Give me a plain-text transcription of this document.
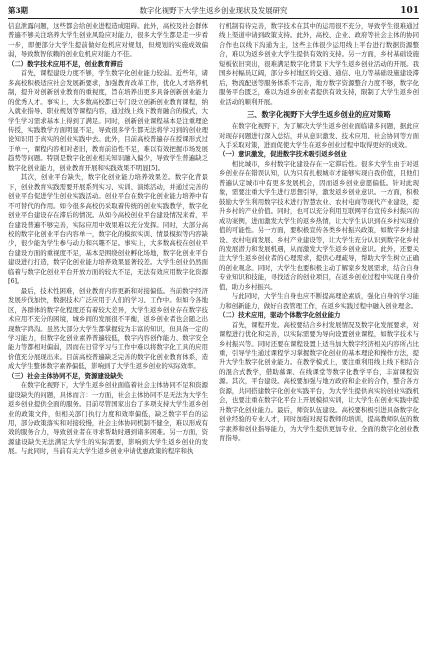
第3期	数字化视野下大学生返乡创业现状及发展研究	101

信息泄露问题，这些都会给创业进程造成阻碍。此外，高校及社会群体普遍不够关注培养大学生创业风险应对能力，很多大学生都是走一步看一步，即便部分大学生提前做好危机应对规划，但规划的实施成效偏弱，导致数智依赖的创业危机应对能力不佳。

（二）数字技术应用不足，创业教育滞后

首先，课程建设力度不够，学生数字化创业能力较弱。近些年，诸多高校积极适应社会发展新要求，加强教育改革工作，优化人才培养机制，提升对创新创业教育的重视度，旨在培养出更多具备创新创业能力的优秀人才。事实上，大多数高校都已专门设立创新创业教育课程，纳入就业指导、职业规划等课程内容，通过线上线下教育融合的模式，大学生学习需求基本上得到了满足。同时，创新创业课程基本是注重理论传授，实践教学方面明显不足，导致很多学生都无法将学习到的创业理论知识用于真实的创业实践中去。此外，目前高校普遍存在授课形式过于单一，课程内容相对老旧，教育前沿性不足，难以有效把握市场发展趋势等问题。特别是数字化创业相关知识融入偏少，导致学生普遍缺乏数字化创业能力，创业教育开展和实践效果不明显[5]。

其次，创业平台缺失，数字化创业能力培养效果差。数字化背景下，创业教育实践需要开展系列实习、实训、演练活动，并通过完善的创业平台促进学生创业实践活动。创业平台在数字化创业能力培养中有不可替代的作用。如今很多高校仍采取着传统的创业实践教学，数字化创业平台建设存在滞后的情况。从如今高校创业平台建设情况来看，平台建设普遍不够完善，实际应用中效果难以充分发挥。同时，大部分高校的数字化创业平台内容单一，数字化的模拟实训、情景模拟等内容缺少，很少能为学生参与动力和兴趣不足。事实上，大多数高校在创业平台建设方面的重视度不足，基本是围绕创业孵化场地，数字化创业平台建设进行打造，数字化创业能力培养效果显著较差。大学生创业仍然面临着与数字化创业平台开放方面的较大不足，无法有效应用数字化资源[6]。

最后，技术性困难，创业教育内容更新和对接偏低。当前数字经济发展步伐加快，数据技术广泛应用于人们的学习、工作中。但如今各地区，各群体的数字化程度还有着较大差异，大学生返乡创业存在数字技术应用不充分的困境，城乡间的发展很不平衡，返乡创业者也会随之出现数字鸿沟。虽然大部分大学生都掌握较为丰富的知识，但具备一定的学习能力，但数字化创业素养普遍较低，数字内容创作能力、数字安全能力等都相对偏弱，因而在日常学习与工作中难以将数字化工具的应用价值充分展现出来。目前高校普遍缺乏完善的数字化创业教育体系，造成大学生整体数字素养偏低，影响到了大学生返乡创业的实际效率。

（三）社会主体协同不足，资源建设缺失

在数字化视野下，大学生返乡创业面临着社会主体协同不足和资源建设缺失的问题，具体而言：一方面，社会主体协同不足无法为大学生返乡创业提供全面的服务。目前尽管国家出台了多项支持大学生返乡创业的政策文件，但相关部门执行力度和效率偏低，缺乏数字平台的运用，部分政策落实和对接较慢，社会主体协同机制不健全，难以形成有效的服务合力，导致创业者在寻求帮助时遇到诸多困难。另一方面，资源建设缺失无法满足大学生的实际需要，影响到大学生返乡创业的发展。与此同时，当前有关大学生返乡创业申请优惠政策的程序和执

行机制有待完善，数字技术在其中的运用很不充分，导致学生很难通过线上渠道申请到政策支持。此外，高校、企业、政府等社会主体的协同合作也以线下沟通为主，这些主体很少运用线上平台进行数据资源整合，难以为返乡创业大学生提供有效的支持。另一方面，乡村基础设施短板依旧突出，很难满足数字化背景下大学生返乡创业活动的开展。我国乡村幅员辽阔，部分乡村地区的交通、通信、电力等基础设施建设滞后，物流配送等服务体系不完善，地方数字资源整合力度不够，数字化服务平台匮乏，难以为返乡创业者提供有效支持，限制了大学生返乡创业活动的顺利开展。

三、数字化视野下大学生返乡创业的应对策略

在数字化视野下，为了解决大学生返乡创业面临诸多问题，据此应对现存问题进行深入总结，并从意识激发、技术应用、社会协同等方面入手采取对策，进而促使大学生在返乡创业过程中取得更好的成效。

（一）意识激发，促进数字技术吸引返乡创业

相比城市，乡村数字化建设存在一定滞后性。很多大学生由于对返乡创业存在错误认知，认为只有扎根城市才能够实现自我价值，且他们普遍认定城市中有更多发展机会，因而返乡创业意愿偏低。针对此现象，需要注重大学生进行思想引导，激发返乡创业意识。一方面，积极鼓励大学生利用数字技术进行智慧农业、农村电商等现代产业建设，提升乡村的产业价值。同时，也可以充分利用互联网平台宣传乡村振兴的成功案例，进而激发大学生的返乡热情，让大学生认识到在乡村实现价值的可能性。另一方面，要积极宣传各类乡村振兴政策，如数字乡村建设、农村电商发展、乡村产业建设等，让大学生充分认识到数字化乡村的发展潜力和发展机遇，从而激发大学生返乡创业意识。此外，还要关注大学生返乡创业者的心理需求，提供心理疏导，帮助大学生树立正确的创业观念。同时，大学生也要积极主动了解家乡发展需求，结合自身专业知识和技能，寻找适合的创业项目，在返乡创业过程中实现自身价值，助力乡村振兴。

与此同时，大学生自身也应不断提高理论素质，强化自身的学习能力和创新能力，做好自我管理工作，在返乡实践过程中融入创业理念。

（二）技术应用，驱动个体数字化创业能力

首先，课程开发。高校要结合乡村发展情况及数字化发展要求，对课程进行优化和完善，以实际需要为导向设置创业课程，如数字技术与乡村振兴等。同时还要在课程设置上适当加大数字经济相关内容所占比重，引导学生通过课程学习掌握数字化创业的基本理论和操作方法，提升大学生数字化创业能力。在教学模式上，要注重利用线上线下相结合的混合式教学，借助慕课、在线课堂等数字化教学平台，丰富课程资源。其次，平台建设。高校要加强与地方政府和企业的合作，整合各方资源，共同搭建数字化创业实践平台，为大学生提供真实的创业实践机会，也要注重在数字化平台上开展模拟实训，让大学生在创业实践中提升数字化创业能力。最后，师资队伍建设。高校要积极引进具备数字化创业经验的专业人才，同时加强对现有教师的培训，提高教师队伍的数字素养和创业指导能力，为大学生提供更加专业、全面的数字化创业教育指导。
